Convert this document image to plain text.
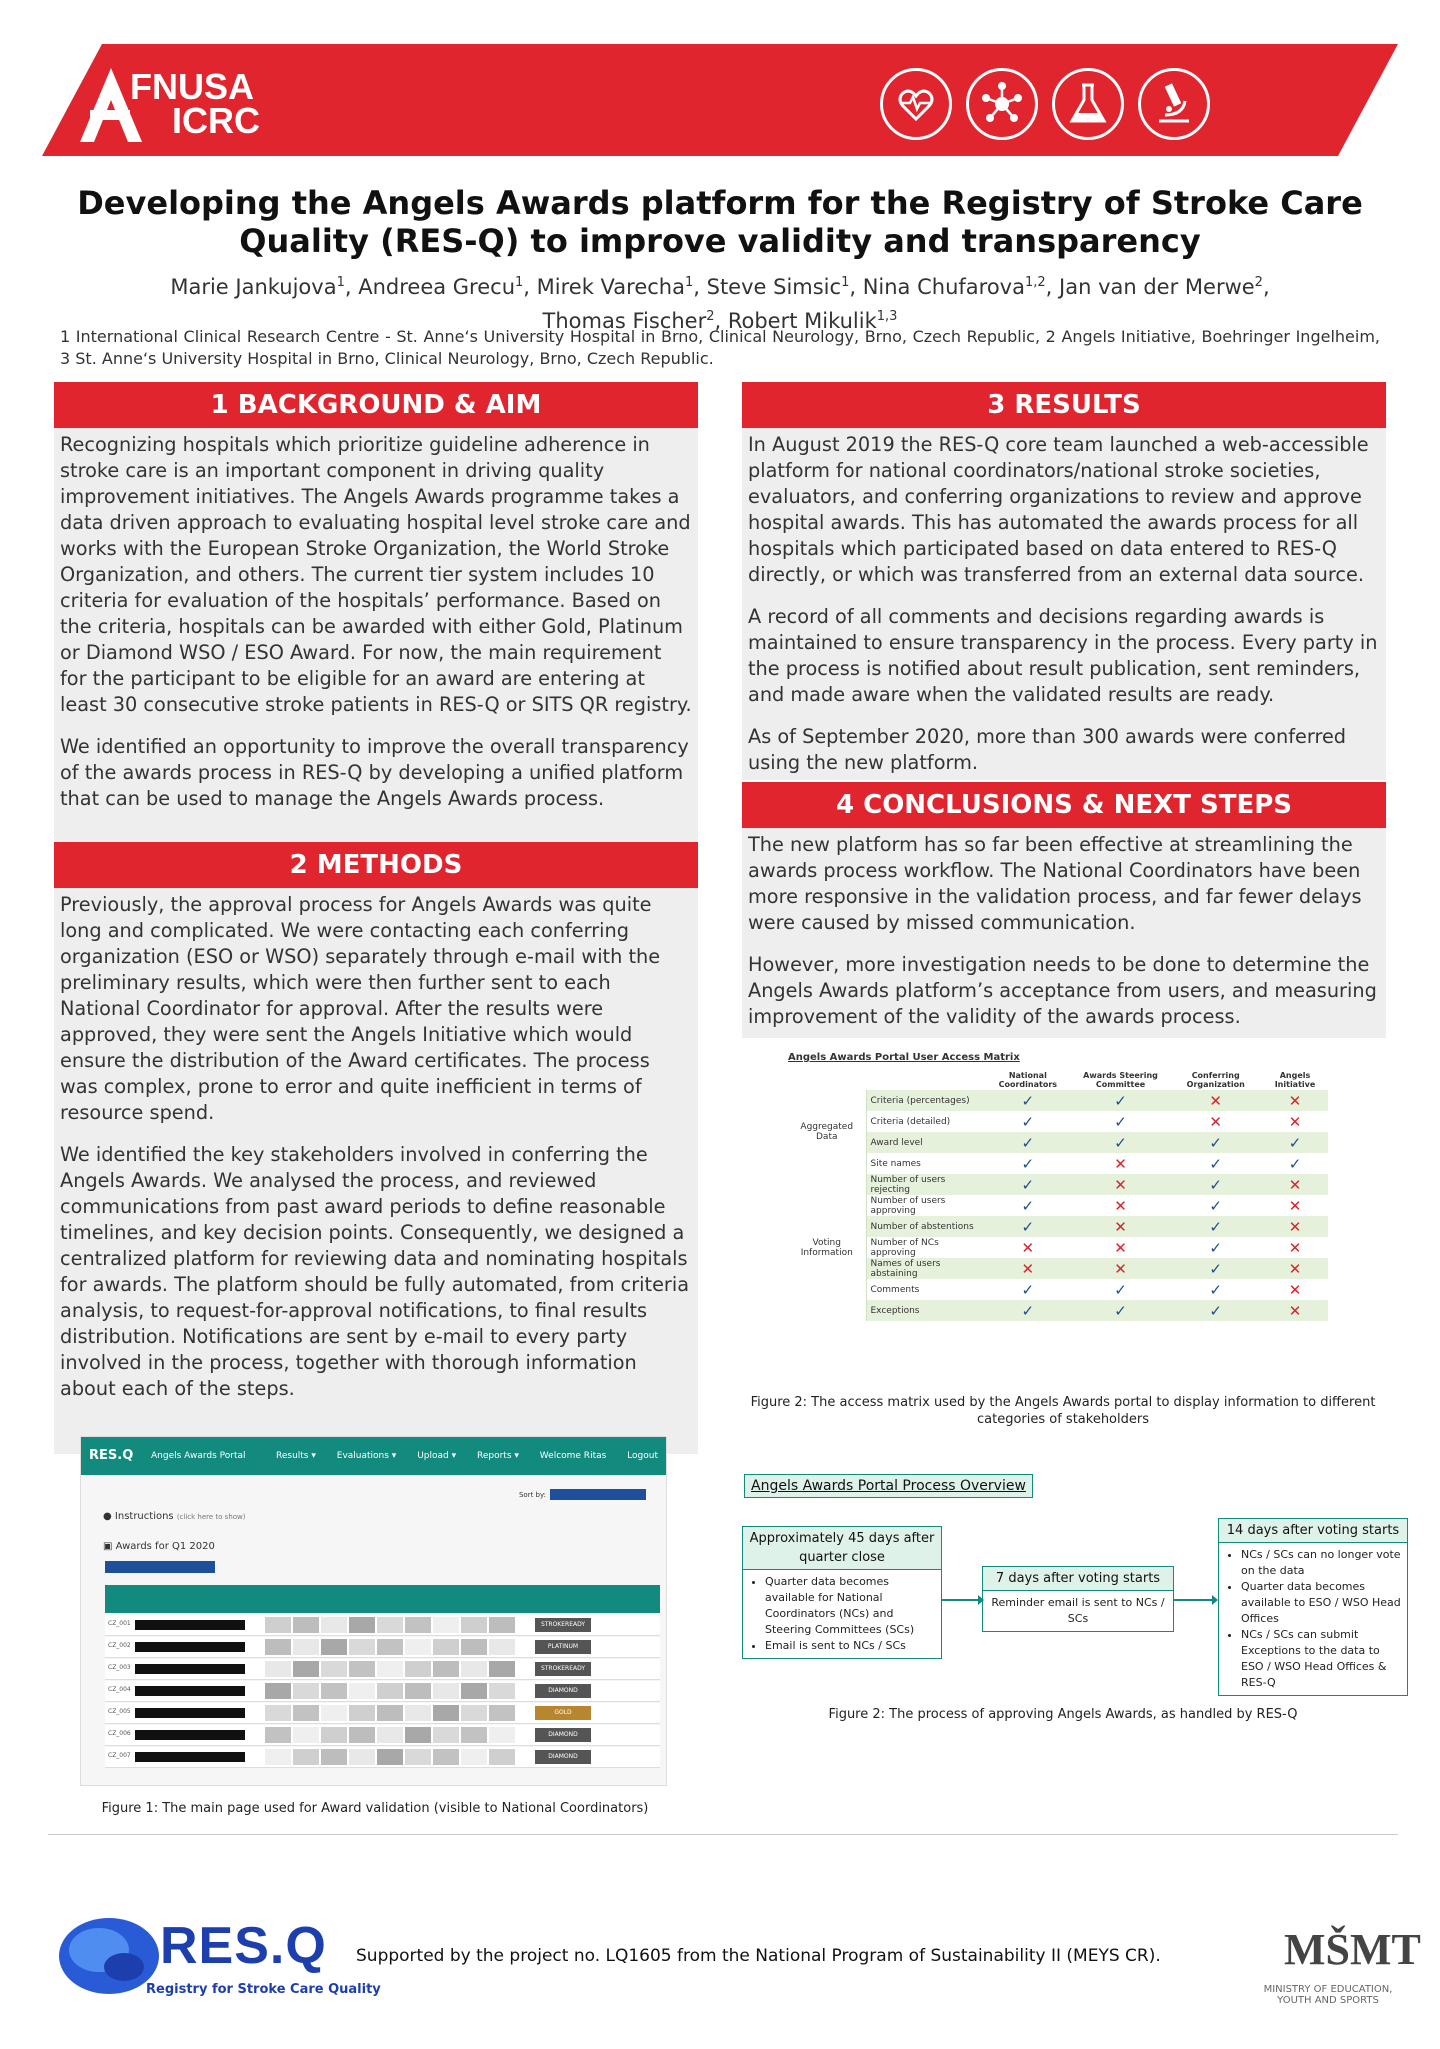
FNUSA
ICRC
Developing the Angels Awards platform for the Registry of Stroke Care Quality (RES-Q) to improve validity and transparency
Marie Jankujova$^1$, Andreea Grecu$^1$, Mirek Varecha$^1$, Steve Simsic$^1$, Nina Chufarova$^{1,2}$, Jan van der Merwe$^2$,
Thomas Fischer$^2$, Robert Mikulik$^{1,3}$
1 International Clinical Research Centre - St. Anne‘s University Hospital in Brno, Clinical Neurology, Brno, Czech Republic, 2 Angels Initiative, Boehringer Ingelheim, 3 St. Anne‘s University Hospital in Brno, Clinical Neurology, Brno, Czech Republic.
1 BACKGROUND & AIM

Recognizing hospitals which prioritize guideline adherence in stroke care is an important component in driving quality improvement initiatives. The Angels Awards programme takes a data driven approach to evaluating hospital level stroke care and works with the European Stroke Organization, the World Stroke Organization, and others. The current tier system includes 10 criteria for evaluation of the hospitals’ performance. Based on the criteria, hospitals can be awarded with either Gold, Platinum or Diamond WSO / ESO Award. For now, the main requirement for the participant to be eligible for an award are entering at least 30 consecutive stroke patients in RES-Q or SITS QR registry.

We identified an opportunity to improve the overall transparency of the awards process in RES-Q by developing a unified platform that can be used to manage the Angels Awards process.

2 METHODS

Previously, the approval process for Angels Awards was quite long and complicated. We were contacting each conferring organization (ESO or WSO) separately through e-mail with the preliminary results, which were then further sent to each National Coordinator for approval. After the results were approved, they were sent the Angels Initiative which would ensure the distribution of the Award certificates. The process was complex, prone to error and quite inefficient in terms of resource spend.

We identified the key stakeholders involved in conferring the Angels Awards. We analysed the process, and reviewed communications from past award periods to define reasonable timelines, and key decision points. Consequently, we designed a centralized platform for reviewing data and nominating hospitals for awards. The platform should be fully automated, from criteria analysis, to request-for-approval notifications, to final results distribution. Notifications are sent by e-mail to every party involved in the process, together with thorough information about each of the steps.

RES.Q Angels Awards Portal	Results ▾ Evaluations ▾ Upload ▾ Reports ▾ Welcome Ritas Logout
Sort by:
● Instructions (click here to show)
▣ Awards for Q1 2020
CZ_001	STROKEREADY
CZ_002	PLATINUM
CZ_003	STROKEREADY
CZ_004	DIAMOND
CZ_005	GOLD
CZ_006	DIAMOND
CZ_007	DIAMOND
Figure 1: The main page used for Award validation (visible to National Coordinators)
3 RESULTS

In August 2019 the RES-Q core team launched a web-accessible platform for national coordinators/national stroke societies, evaluators, and conferring organizations to review and approve hospital awards. This has automated the awards process for all hospitals which participated based on data entered to RES-Q directly, or which was transferred from an external data source.

A record of all comments and decisions regarding awards is maintained to ensure transparency in the process. Every party in the process is notified about result publication, sent reminders, and made aware when the validated results are ready.

As of September 2020, more than 300 awards were conferred using the new platform.

4 CONCLUSIONS & NEXT STEPS

The new platform has so far been effective at streamlining the awards process workflow. The National Coordinators have been more responsive in the validation process, and far fewer delays were caused by missed communication.

However, more investigation needs to be done to determine the Angels Awards platform’s acceptance from users, and measuring improvement of the validity of the awards process.

Angels Awards Portal User Access Matrix
		National Coordinators	Awards Steering Committee	Conferring Organization	Angels Initiative
Aggregated Data	Criteria (percentages)	✓	✓	✕	✕
	Criteria (detailed)	✓	✓	✕	✕
	Award level	✓	✓	✓	✓
	Site names	✓	✕	✓	✓
Voting Information	Number of users rejecting	✓	✕	✓	✕
	Number of users approving	✓	✕	✓	✕
	Number of abstentions	✓	✕	✓	✕
	Number of NCs approving	✕	✕	✓	✕
	Names of users abstaining	✕	✕	✓	✕
	Comments	✓	✓	✓	✕
	Exceptions	✓	✓	✓	✕
Figure 2: The access matrix used by the Angels Awards portal to display information to different categories of stakeholders
Angels Awards Portal Process Overview
Approximately 45 days after quarter close
• Quarter data becomes available for National Coordinators (NCs) and Steering Committees (SCs)
• Email is sent to NCs / SCs
7 days after voting starts
Reminder email is sent to NCs / SCs
14 days after voting starts
• NCs / SCs can no longer vote on the data
• Quarter data becomes available to ESO / WSO Head Offices
• NCs / SCs can submit Exceptions to the data to ESO / WSO Head Offices & RES-Q
Figure 2: The process of approving Angels Awards, as handled by RES-Q
RES.Q
Registry for Stroke Care Quality
Supported by the project no. LQ1605 from the National Program of Sustainability II (MEYS CR).	MŠMT
MINISTRY OF EDUCATION,
YOUTH AND SPORTS
